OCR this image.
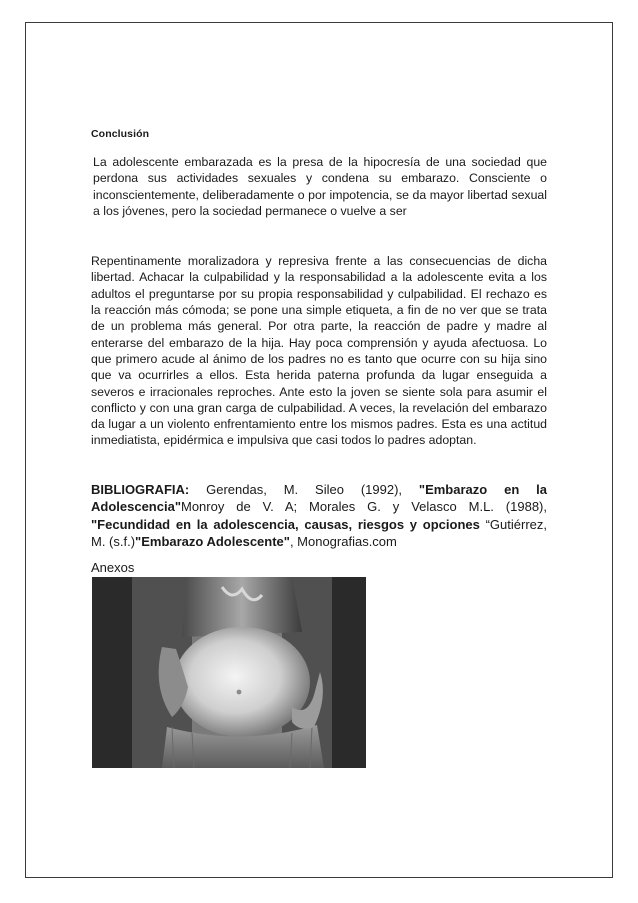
Conclusión

La adolescente embarazada es la presa de la hipocresía de una sociedad que perdona sus actividades sexuales y condena su embarazo. Consciente o inconscientemente, deliberadamente o por impotencia, se da mayor libertad sexual a los jóvenes, pero la sociedad permanece o vuelve a ser

Repentinamente moralizadora y represiva frente a las consecuencias de dicha libertad. Achacar la culpabilidad y la responsabilidad a la adolescente evita a los adultos el preguntarse por su propia responsabilidad y culpabilidad. El rechazo es la reacción más cómoda; se pone una simple etiqueta, a fin de no ver que se trata de un problema más general. Por otra parte, la reacción de padre y madre al enterarse del embarazo de la hija. Hay poca comprensión y ayuda afectuosa. Lo que primero acude al ánimo de los padres no es tanto que ocurre con su hija sino que va ocurrirles a ellos. Esta herida paterna profunda da lugar enseguida a severos e irracionales reproches. Ante esto la joven se siente sola para asumir el conflicto y con una gran carga de culpabilidad. A veces, la revelación del embarazo da lugar a un violento enfrentamiento entre los mismos padres. Esta es una actitud inmediatista, epidérmica e impulsiva que casi todos lo padres adoptan.

BIBLIOGRAFIA: Gerendas, M. Sileo (1992), "Embarazo en la Adolescencia"Monroy de V. A; Morales G. y Velasco M.L. (1988), "Fecundidad en la adolescencia, causas, riesgos y opciones “Gutiérrez, M. (s.f.)"Embarazo Adolescente", Monografias.com

Anexos
